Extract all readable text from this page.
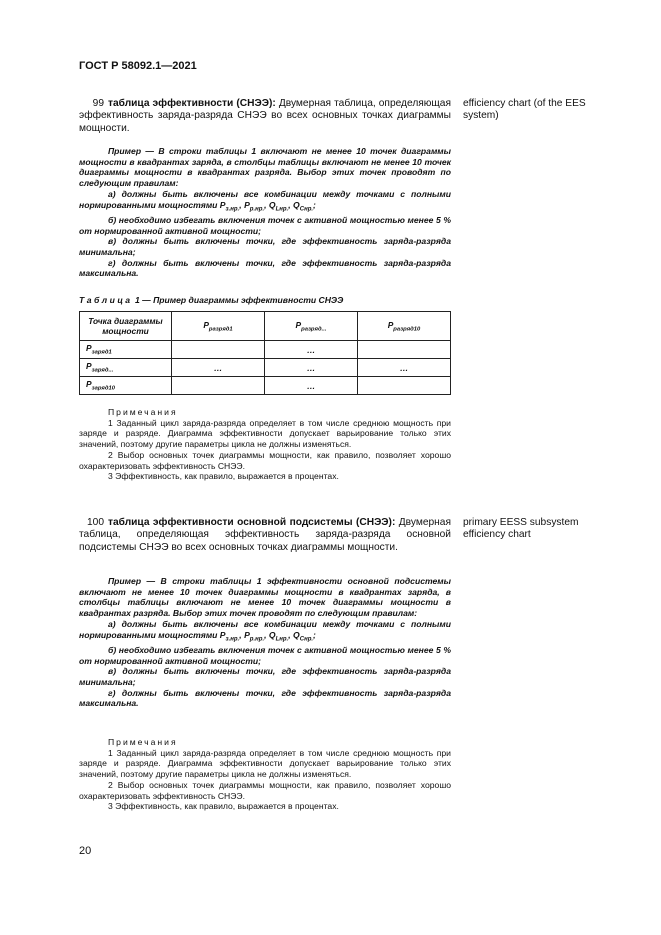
ГОСТ Р 58092.1—2021
99 таблица эффективности (СНЭЭ): Двумерная таблица, определяющая эффективность заряда-разряда СНЭЭ во всех основных точках диаграммы мощности.
efficiency chart (of the EES system)

Пример — В строки таблицы 1 включают не менее 10 точек диаграммы мощности в квадрантах заряда, в столбцы таблицы включают не менее 10 точек диаграммы мощности в квадрантах разряда. Выбор этих точек проводят по следующим правилам:

а) должны быть включены все комбинации между точками с полными нормированными мощностями $P_{з.нр.}$, $P_{р.нр.}$, $Q_{Lнр.}$, $Q_{Cнр.}$;

б) необходимо избегать включения точек с активной мощностью менее 5 % от нормированной активной мощности;

в) должны быть включены точки, где эффективность заряда-разряда минимальна;

г) должны быть включены точки, где эффективность заряда-разряда максимальна.

Таблица 1 — Пример диаграммы эффективности СНЭЭ
Точка диаграммы мощности	$P_{разряд1}$	$P_{разряд...}$	$P_{разряд10}$
$P_{заряд1}$		…	
$P_{заряд...}$	…	…	…
$P_{заряд10}$		…	

Примечания

1 Заданный цикл заряда-разряда определяет в том числе среднюю мощность при заряде и разряде. Диаграмма эффективности допускает варьирование только этих значений, поэтому другие параметры цикла не должны изменяться.

2 Выбор основных точек диаграммы мощности, как правило, позволяет хорошо охарактеризовать эффективность СНЭЭ.

3 Эффективность, как правило, выражается в процентах.

100 таблица эффективности основной подсистемы (СНЭЭ): Двумерная таблица, определяющая эффективность заряда-разряда основной подсистемы СНЭЭ во всех основных точках диаграммы мощности.
primary EESS subsystem efficiency chart

Пример — В строки таблицы 1 эффективности основной подсистемы включают не менее 10 точек диаграммы мощности в квадрантах заряда, в столбцы таблицы включают не менее 10 точек диаграммы мощности в квадрантах разряда. Выбор этих точек проводят по следующим правилам:

а) должны быть включены все комбинации между точками с полными нормированными мощностями $P_{з.нр.}$, $P_{р.нр.}$, $Q_{Lнр.}$, $Q_{Cнр.}$;

б) необходимо избегать включения точек с активной мощностью менее 5 % от нормированной активной мощности;

в) должны быть включены точки, где эффективность заряда-разряда минимальна;

г) должны быть включены точки, где эффективность заряда-разряда максимальна.

Примечания

1 Заданный цикл заряда-разряда определяет в том числе среднюю мощность при заряде и разряде. Диаграмма эффективности допускает варьирование только этих значений, поэтому другие параметры цикла не должны изменяться.

2 Выбор основных точек диаграммы мощности, как правило, позволяет хорошо охарактеризовать эффективность СНЭЭ.

3 Эффективность, как правило, выражается в процентах.

20
